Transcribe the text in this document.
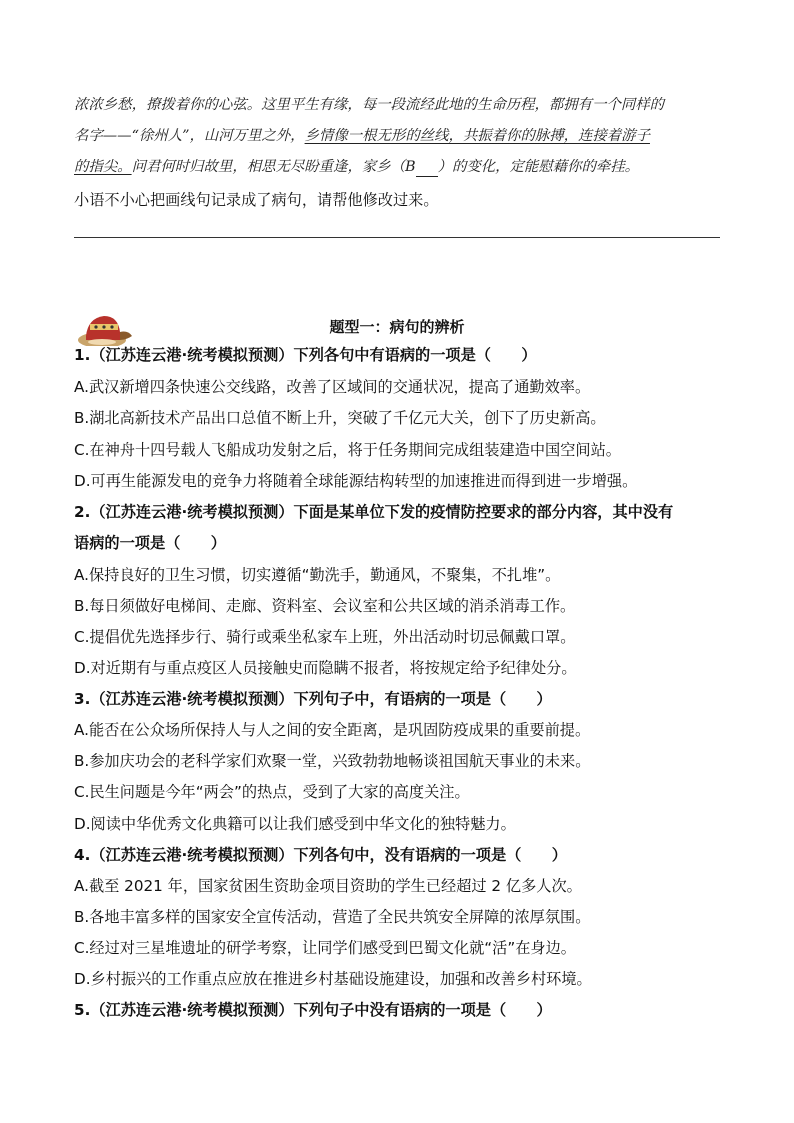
浓浓乡愁，撩拨着你的心弦。这里平生有缘，每一段流经此地的生命历程，都拥有一个同样的
名字——“徐州人”，山河万里之外，乡情像一根无形的丝线，共振着你的脉搏，连接着游子
的指尖。问君何时归故里，相思无尽盼重逢，家乡（B ）的变化，定能慰藉你的牵挂。
小语不小心把画线句记录成了病句，请帮他修改过来。
题型一：病句的辨析
1.（江苏连云港·统考模拟预测）下列各句中有语病的一项是（　　）
A.武汉新增四条快速公交线路，改善了区域间的交通状况，提高了通勤效率。
B.湖北高新技术产品出口总值不断上升，突破了千亿元大关，创下了历史新高。
C.在神舟十四号载人飞船成功发射之后，将于任务期间完成组装建造中国空间站。
D.可再生能源发电的竞争力将随着全球能源结构转型的加速推进而得到进一步增强。
2.（江苏连云港·统考模拟预测）下面是某单位下发的疫情防控要求的部分内容，其中没有
语病的一项是（　　）
A.保持良好的卫生习惯，切实遵循“勤洗手，勤通风，不聚集，不扎堆”。
B.每日须做好电梯间、走廊、资料室、会议室和公共区域的消杀消毒工作。
C.提倡优先选择步行、骑行或乘坐私家车上班，外出活动时切忌佩戴口罩。
D.对近期有与重点疫区人员接触史而隐瞒不报者，将按规定给予纪律处分。
3.（江苏连云港·统考模拟预测）下列句子中，有语病的一项是（　　）
A.能否在公众场所保持人与人之间的安全距离，是巩固防疫成果的重要前提。
B.参加庆功会的老科学家们欢聚一堂，兴致勃勃地畅谈祖国航天事业的未来。
C.民生问题是今年“两会”的热点，受到了大家的高度关注。
D.阅读中华优秀文化典籍可以让我们感受到中华文化的独特魅力。
4.（江苏连云港·统考模拟预测）下列各句中，没有语病的一项是（　　）
A.截至 2021 年，国家贫困生资助金项目资助的学生已经超过 2 亿多人次。
B.各地丰富多样的国家安全宣传活动，营造了全民共筑安全屏障的浓厚氛围。
C.经过对三星堆遗址的研学考察，让同学们感受到巴蜀文化就“活”在身边。
D.乡村振兴的工作重点应放在推进乡村基础设施建设，加强和改善乡村环境。
5.（江苏连云港·统考模拟预测）下列句子中没有语病的一项是（　　）
